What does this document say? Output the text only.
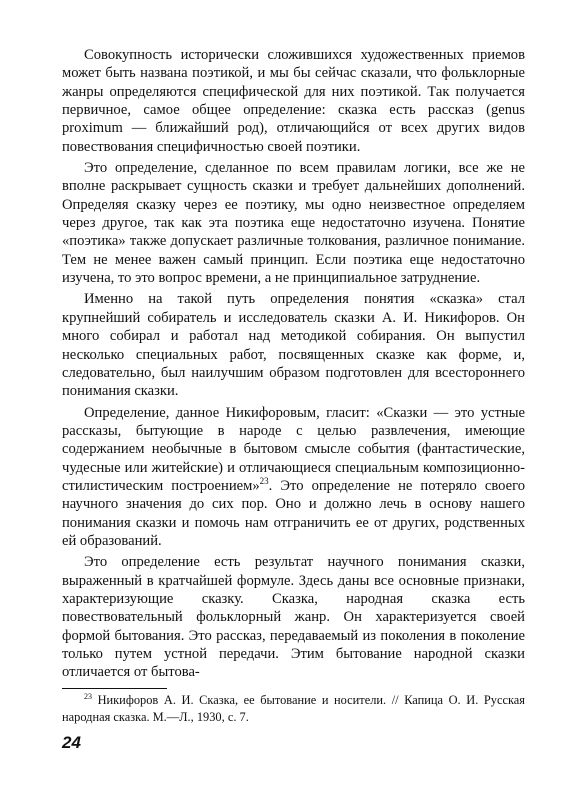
Совокупность исторически сложившихся художественных приемов может быть названа поэтикой, и мы бы сейчас сказали, что фольклорные жанры определяются специфической для них поэтикой. Так получается первичное, самое общее определение: сказка есть рассказ (genus proximum — ближайший род), отличающийся от всех других видов повествования специфичностью своей поэтики.

Это определение, сделанное по всем правилам логики, все же не вполне раскрывает сущность сказки и требует дальнейших дополнений. Определяя сказку через ее поэтику, мы одно неизвестное определяем через другое, так как эта поэтика еще недостаточно изучена. Понятие «поэтика» также допускает различные толкования, различное понимание. Тем не менее важен самый принцип. Если поэтика еще недостаточно изучена, то это вопрос времени, а не принципиальное затруднение.

Именно на такой путь определения понятия «сказка» стал крупнейший собиратель и исследователь сказки А. И. Никифоров. Он много собирал и работал над методикой собирания. Он выпустил несколько специальных работ, посвященных сказке как форме, и, следовательно, был наилучшим образом подготовлен для всестороннего понимания сказки.

Определение, данное Никифоровым, гласит: «Сказки — это устные рассказы, бытующие в народе с целью развлечения, имеющие содержанием необычные в бытовом смысле события (фантастические, чудесные или житейские) и отличающиеся специальным композиционно-стилистическим построением»$^{23}$. Это определение не потеряло своего научного значения до сих пор. Оно и должно лечь в основу нашего понимания сказки и помочь нам отграничить ее от других, родственных ей образований.

Это определение есть результат научного понимания сказки, выраженный в кратчайшей формуле. Здесь даны все основные признаки, характеризующие сказку. Сказка, народная сказка есть повествовательный фольклорный жанр. Он характеризуется своей формой бытования. Это рассказ, передаваемый из поколения в поколение только путем устной передачи. Этим бытование народной сказки отличается от бытова-

$^{23}$ Никифоров А. И. Сказка, ее бытование и носители. // Капица О. И. Русская народная сказка. М.—Л., 1930, с. 7.

24
